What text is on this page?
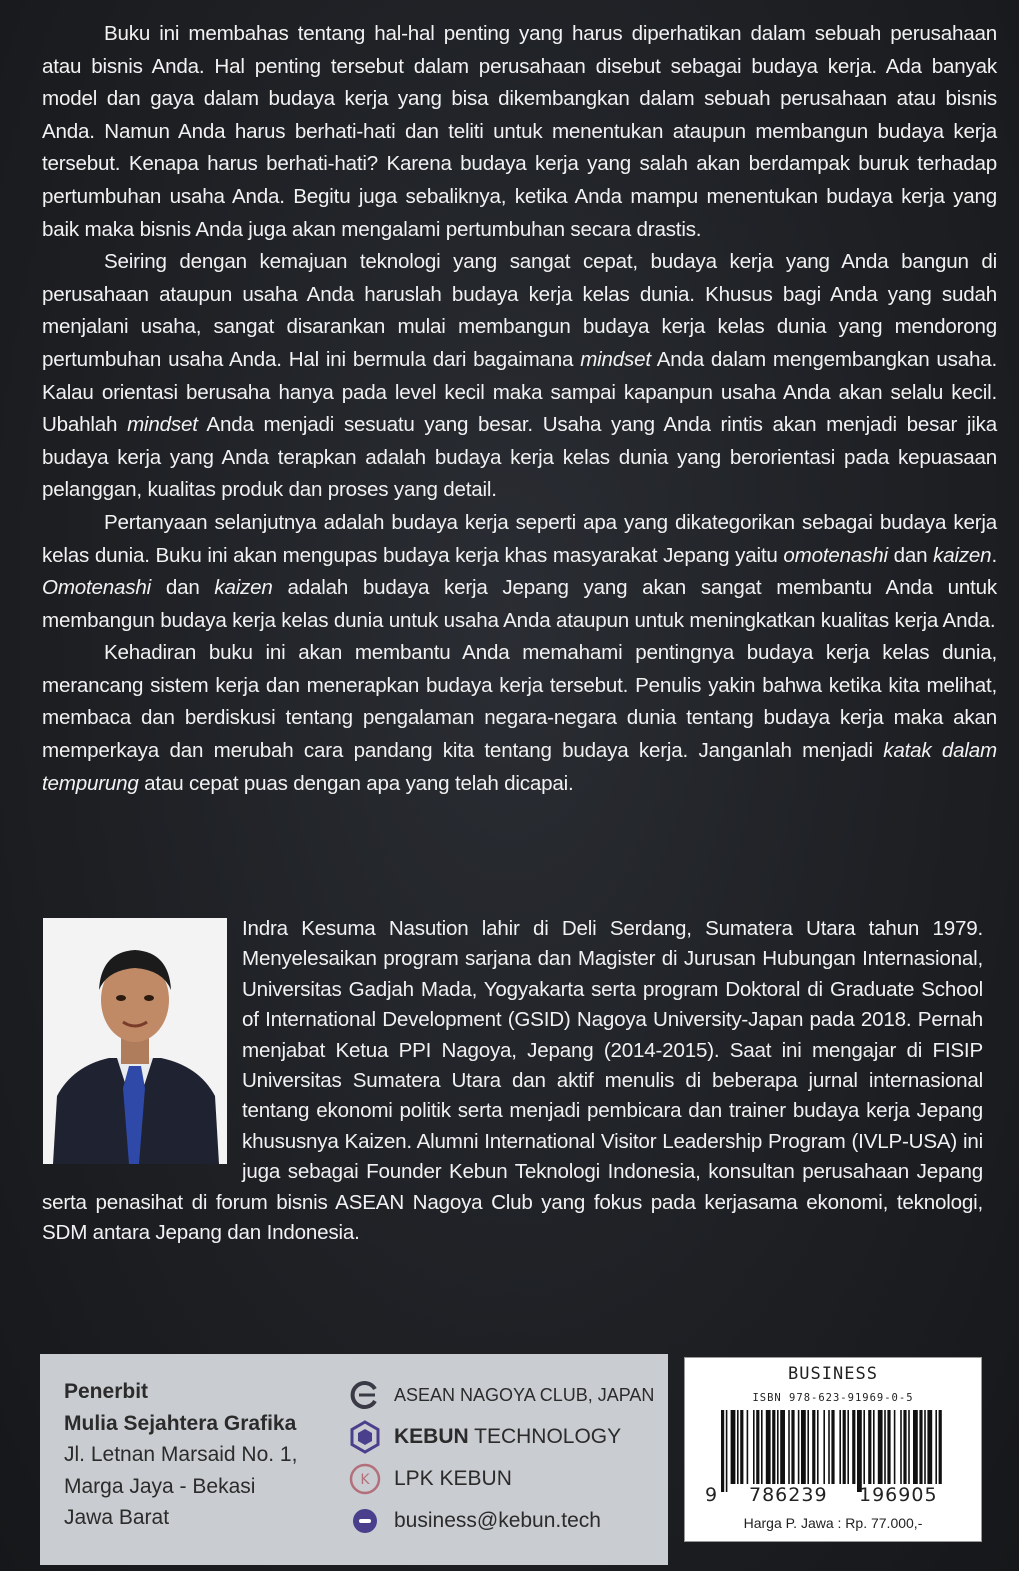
Buku ini membahas tentang hal-hal penting yang harus diperhatikan dalam sebuah perusahaan atau bisnis Anda. Hal penting tersebut dalam perusahaan disebut sebagai budaya kerja. Ada banyak model dan gaya dalam budaya kerja yang bisa dikembangkan dalam sebuah perusahaan atau bisnis Anda. Namun Anda harus berhati-hati dan teliti untuk menentukan ataupun membangun budaya kerja tersebut. Kenapa harus berhati-hati? Karena budaya kerja yang salah akan berdampak buruk terhadap pertumbuhan usaha Anda. Begitu juga sebaliknya, ketika Anda mampu menentukan budaya kerja yang baik maka bisnis Anda juga akan mengalami pertumbuhan secara drastis.

Seiring dengan kemajuan teknologi yang sangat cepat, budaya kerja yang Anda bangun di perusahaan ataupun usaha Anda haruslah budaya kerja kelas dunia. Khusus bagi Anda yang sudah menjalani usaha, sangat disarankan mulai membangun budaya kerja kelas dunia yang mendorong pertumbuhan usaha Anda. Hal ini bermula dari bagaimana mindset Anda dalam mengembangkan usaha. Kalau orientasi berusaha hanya pada level kecil maka sampai kapanpun usaha Anda akan selalu kecil. Ubahlah mindset Anda menjadi sesuatu yang besar. Usaha yang Anda rintis akan menjadi besar jika budaya kerja yang Anda terapkan adalah budaya kerja kelas dunia yang berorientasi pada kepuasaan pelanggan, kualitas produk dan proses yang detail.

Pertanyaan selanjutnya adalah budaya kerja seperti apa yang dikategorikan sebagai budaya kerja kelas dunia. Buku ini akan mengupas budaya kerja khas masyarakat Jepang yaitu omotenashi dan kaizen. Omotenashi dan kaizen adalah budaya kerja Jepang yang akan sangat membantu Anda untuk membangun budaya kerja kelas dunia untuk usaha Anda ataupun untuk meningkatkan kualitas kerja Anda.

Kehadiran buku ini akan membantu Anda memahami pentingnya budaya kerja kelas dunia, merancang sistem kerja dan menerapkan budaya kerja tersebut. Penulis yakin bahwa ketika kita melihat, membaca dan berdiskusi tentang pengalaman negara-negara dunia tentang budaya kerja maka akan memperkaya dan merubah cara pandang kita tentang budaya kerja. Janganlah menjadi katak dalam tempurung atau cepat puas dengan apa yang telah dicapai.

Indra Kesuma Nasution lahir di Deli Serdang, Sumatera Utara tahun 1979. Menyelesaikan program sarjana dan Magister di Jurusan Hubungan Internasional, Universitas Gadjah Mada, Yogyakarta serta program Doktoral di Graduate School of International Development (GSID) Nagoya University-Japan pada 2018. Pernah menjabat Ketua PPI Nagoya, Jepang (2014-2015). Saat ini mengajar di FISIP Universitas Sumatera Utara dan aktif menulis di beberapa jurnal internasional tentang ekonomi politik serta menjadi pembicara dan trainer budaya kerja Jepang khususnya Kaizen. Alumni International Visitor Leadership Program (IVLP-USA) ini juga sebagai Founder Kebun Teknologi Indonesia, konsultan perusahaan Jepang serta penasihat di forum bisnis ASEAN Nagoya Club yang fokus pada kerjasama ekonomi, teknologi, SDM antara Jepang dan Indonesia.

Penerbit
Mulia Sejahtera Grafika
Jl. Letnan Marsaid No. 1,
Marga Jaya - Bekasi
Jawa Barat
ASEAN NAGOYA CLUB, JAPAN
KEBUN TECHNOLOGY
K LPK KEBUN
business@kebun.tech
BUSINESS
ISBN 978-623-91969-0-5
9 786239 196905
Harga P. Jawa : Rp. 77.000,-
